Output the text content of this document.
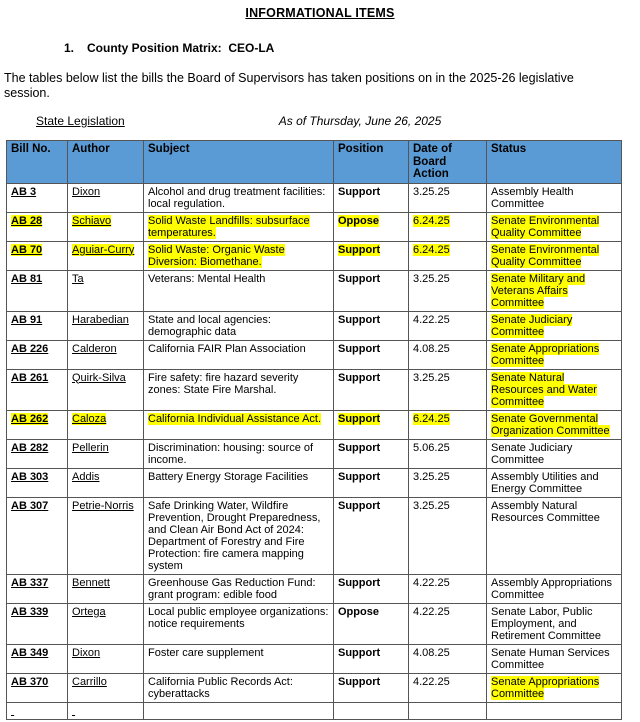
INFORMATIONAL ITEMS
1. County Position Matrix:  CEO-LA
The tables below list the bills the Board of Supervisors has taken positions on in the 2025-26 legislative session.
State Legislation	As of Thursday, June 26, 2025
Bill No.	Author	Subject	Position	Date of Board Action	Status
AB 3	Dixon	Alcohol and drug treatment facilities: local regulation.	Support	3.25.25	Assembly Health Committee
AB 28	Schiavo	Solid Waste Landfills: subsurface temperatures.	Oppose	6.24.25	Senate Environmental Quality Committee
AB 70	Aguiar-Curry	Solid Waste: Organic Waste Diversion: Biomethane.	Support	6.24.25	Senate Environmental Quality Committee
AB 81	Ta	Veterans: Mental Health	Support	3.25.25	Senate Military and Veterans Affairs Committee
AB 91	Harabedian	State and local agencies: demographic data	Support	4.22.25	Senate Judiciary Committee
AB 226	Calderon	California FAIR Plan Association	Support	4.08.25	Senate Appropriations Committee
AB 261	Quirk-Silva	Fire safety: fire hazard severity zones: State Fire Marshal.	Support	3.25.25	Senate Natural Resources and Water Committee
AB 262	Caloza	California Individual Assistance Act.	Support	6.24.25	Senate Governmental Organization Committee
AB 282	Pellerin	Discrimination: housing: source of income.	Support	5.06.25	Senate Judiciary Committee
AB 303	Addis	Battery Energy Storage Facilities	Support	3.25.25	Assembly Utilities and Energy Committee
AB 307	Petrie-Norris	Safe Drinking Water, Wildfire Prevention, Drought Preparedness, and Clean Air Bond Act of 2024: Department of Forestry and Fire Protection: fire camera mapping system	Support	3.25.25	Assembly Natural Resources Committee
AB 337	Bennett	Greenhouse Gas Reduction Fund: grant program: edible food	Support	4.22.25	Assembly Appropriations Committee
AB 339	Ortega	Local public employee organizations: notice requirements	Oppose	4.22.25	Senate Labor, Public Employment, and Retirement Committee
AB 349	Dixon	Foster care supplement	Support	4.08.25	Senate Human Services Committee
AB 370	Carrillo	California Public Records Act: cyberattacks	Support	4.22.25	Senate Appropriations Committee
